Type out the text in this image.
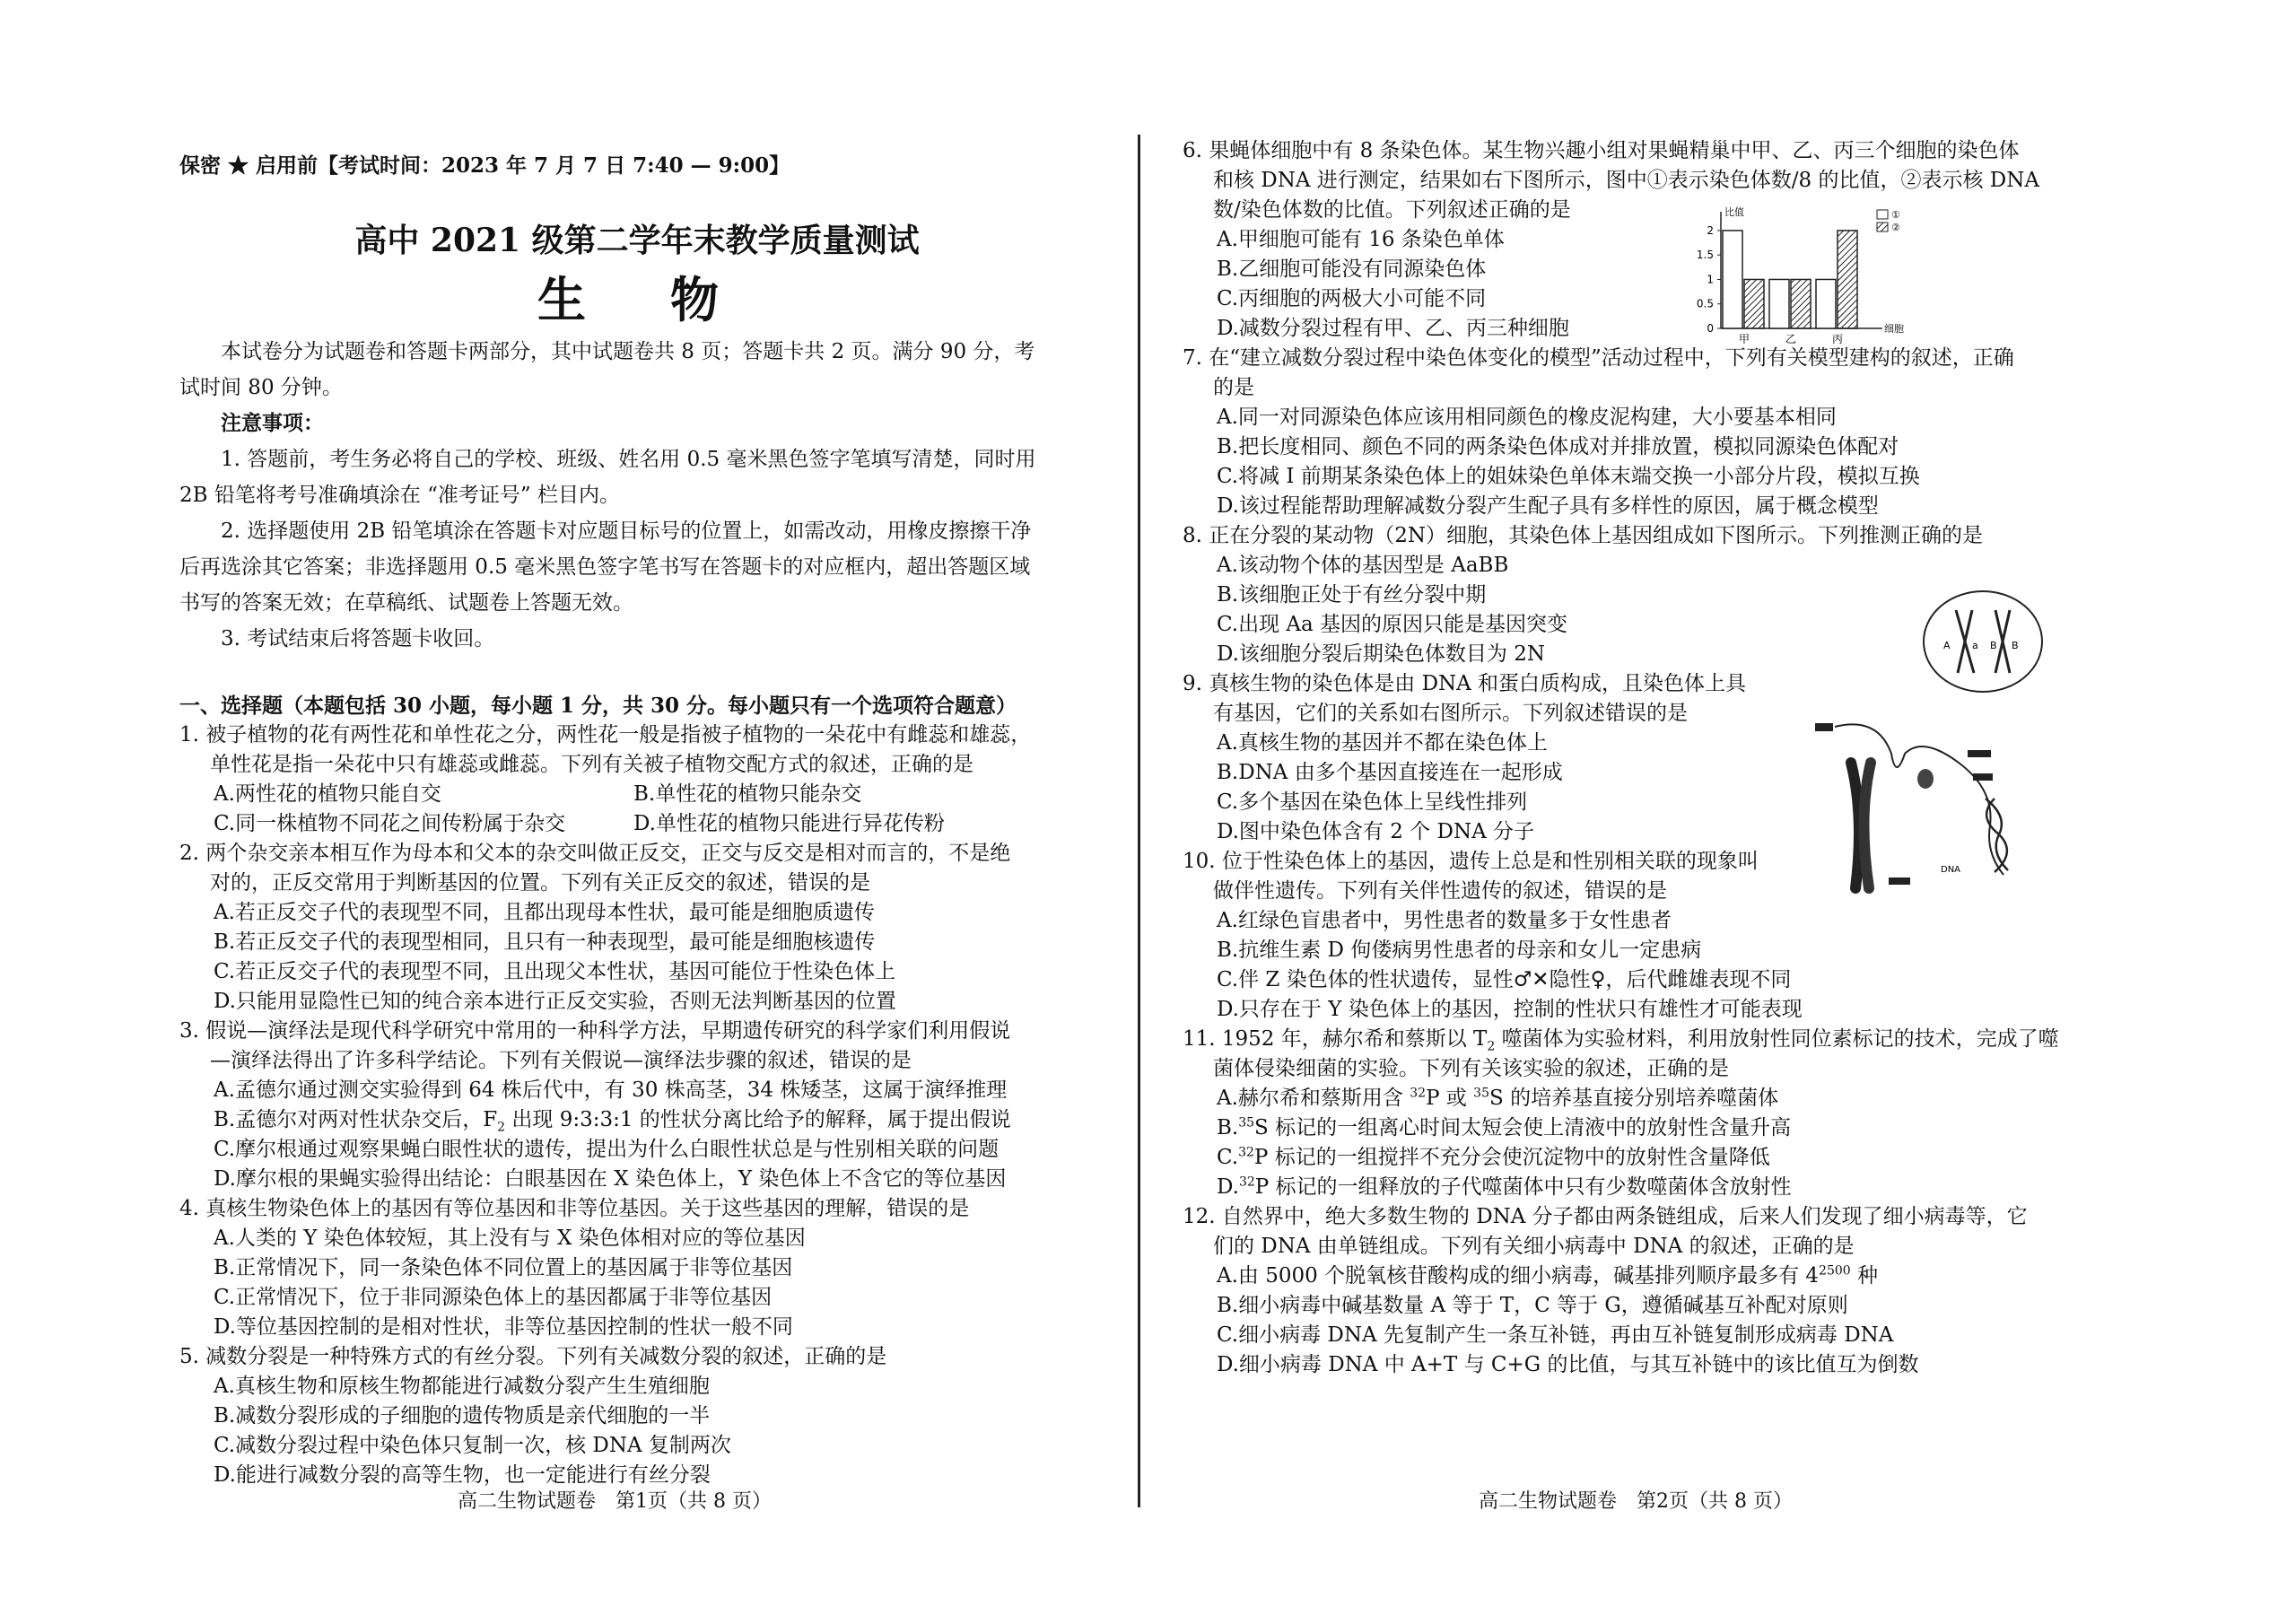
保密 ★ 启用前【考试时间：2023 年 7 月 7 日 7:40 — 9:00】
高中 2021 级第二学年末教学质量测试
生　物
本试卷分为试题卷和答题卡两部分，其中试题卷共 8 页；答题卡共 2 页。满分 90 分，考
试时间 80 分钟。
注意事项：
1. 答题前，考生务必将自己的学校、班级、姓名用 0.5 毫米黑色签字笔填写清楚，同时用
2B 铅笔将考号准确填涂在 “准考证号” 栏目内。
2. 选择题使用 2B 铅笔填涂在答题卡对应题目标号的位置上，如需改动，用橡皮擦擦干净
后再选涂其它答案；非选择题用 0.5 毫米黑色签字笔书写在答题卡的对应框内，超出答题区域
书写的答案无效；在草稿纸、试题卷上答题无效。
3. 考试结束后将答题卡收回。
一、选择题（本题包括 30 小题，每小题 1 分，共 30 分。每小题只有一个选项符合题意）
1. 被子植物的花有两性花和单性花之分，两性花一般是指被子植物的一朵花中有雌蕊和雄蕊，
单性花是指一朵花中只有雄蕊或雌蕊。下列有关被子植物交配方式的叙述，正确的是
A.两性花的植物只能自交	B.单性花的植物只能杂交
C.同一株植物不同花之间传粉属于杂交	D.单性花的植物只能进行异花传粉
2. 两个杂交亲本相互作为母本和父本的杂交叫做正反交，正交与反交是相对而言的，不是绝
对的，正反交常用于判断基因的位置。下列有关正反交的叙述，错误的是
A.若正反交子代的表现型不同，且都出现母本性状，最可能是细胞质遗传
B.若正反交子代的表现型相同，且只有一种表现型，最可能是细胞核遗传
C.若正反交子代的表现型不同，且出现父本性状，基因可能位于性染色体上
D.只能用显隐性已知的纯合亲本进行正反交实验，否则无法判断基因的位置
3. 假说—演绎法是现代科学研究中常用的一种科学方法，早期遗传研究的科学家们利用假说
—演绎法得出了许多科学结论。下列有关假说—演绎法步骤的叙述，错误的是
A.孟德尔通过测交实验得到 64 株后代中，有 30 株高茎，34 株矮茎，这属于演绎推理
B.孟德尔对两对性状杂交后，$F_2$ 出现 9:3:3:1 的性状分离比给予的解释，属于提出假说
C.摩尔根通过观察果蝇白眼性状的遗传，提出为什么白眼性状总是与性别相关联的问题
D.摩尔根的果蝇实验得出结论：白眼基因在 X 染色体上，Y 染色体上不含它的等位基因
4. 真核生物染色体上的基因有等位基因和非等位基因。关于这些基因的理解，错误的是
A.人类的 Y 染色体较短，其上没有与 X 染色体相对应的等位基因
B.正常情况下，同一条染色体不同位置上的基因属于非等位基因
C.正常情况下，位于非同源染色体上的基因都属于非等位基因
D.等位基因控制的是相对性状，非等位基因控制的性状一般不同
5. 减数分裂是一种特殊方式的有丝分裂。下列有关减数分裂的叙述，正确的是
A.真核生物和原核生物都能进行减数分裂产生生殖细胞
B.减数分裂形成的子细胞的遗传物质是亲代细胞的一半
C.减数分裂过程中染色体只复制一次，核 DNA 复制两次
D.能进行减数分裂的高等生物，也一定能进行有丝分裂
高二生物试题卷　第1页（共 8 页）
6. 果蝇体细胞中有 8 条染色体。某生物兴趣小组对果蝇精巢中甲、乙、丙三个细胞的染色体
和核 DNA 进行测定，结果如右下图所示，图中①表示染色体数/8 的比值，②表示核 DNA
数/染色体数的比值。下列叙述正确的是
A.甲细胞可能有 16 条染色单体
B.乙细胞可能没有同源染色体
C.丙细胞的两极大小可能不同
D.减数分裂过程有甲、乙、丙三种细胞
7. 在“建立减数分裂过程中染色体变化的模型”活动过程中，下列有关模型建构的叙述，正确
的是
A.同一对同源染色体应该用相同颜色的橡皮泥构建，大小要基本相同
B.把长度相同、颜色不同的两条染色体成对并排放置，模拟同源染色体配对
C.将减 I 前期某条染色体上的姐妹染色单体末端交换一小部分片段，模拟互换
D.该过程能帮助理解减数分裂产生配子具有多样性的原因，属于概念模型
8. 正在分裂的某动物（2N）细胞，其染色体上基因组成如下图所示。下列推测正确的是
A.该动物个体的基因型是 AaBB
B.该细胞正处于有丝分裂中期
C.出现 Aa 基因的原因只能是基因突变
D.该细胞分裂后期染色体数目为 2N
9. 真核生物的染色体是由 DNA 和蛋白质构成，且染色体上具
有基因，它们的关系如右图所示。下列叙述错误的是
A.真核生物的基因并不都在染色体上
B.DNA 由多个基因直接连在一起形成
C.多个基因在染色体上呈线性排列
D.图中染色体含有 2 个 DNA 分子
10. 位于性染色体上的基因，遗传上总是和性别相关联的现象叫
做伴性遗传。下列有关伴性遗传的叙述，错误的是
A.红绿色盲患者中，男性患者的数量多于女性患者
B.抗维生素 D 佝偻病男性患者的母亲和女儿一定患病
C.伴 Z 染色体的性状遗传，显性♂✕隐性♀，后代雌雄表现不同
D.只存在于 Y 染色体上的基因，控制的性状只有雄性才可能表现
11. 1952 年，赫尔希和蔡斯以 $T_2$ 噬菌体为实验材料，利用放射性同位素标记的技术，完成了噬
菌体侵染细菌的实验。下列有关该实验的叙述，正确的是
A.赫尔希和蔡斯用含 $^{32}$P 或 $^{35}$S 的培养基直接分别培养噬菌体
B.$^{35}$S 标记的一组离心时间太短会使上清液中的放射性含量升高
C.$^{32}$P 标记的一组搅拌不充分会使沉淀物中的放射性含量降低
D.$^{32}$P 标记的一组释放的子代噬菌体中只有少数噬菌体含放射性
12. 自然界中，绝大多数生物的 DNA 分子都由两条链组成，后来人们发现了细小病毒等，它
们的 DNA 由单链组成。下列有关细小病毒中 DNA 的叙述，正确的是
A.由 5000 个脱氧核苷酸构成的细小病毒，碱基排列顺序最多有 $4^{2500}$ 种
B.细小病毒中碱基数量 A 等于 T，C 等于 G，遵循碱基互补配对原则
C.细小病毒 DNA 先复制产生一条互补链，再由互补链复制形成病毒 DNA
D.细小病毒 DNA 中 A+T 与 C+G 的比值，与其互补链中的该比值互为倒数
比值
细胞
2
1.5
1
0.5
0
甲	乙	丙
①
②
A a B B
DNA
高二生物试题卷　第2页（共 8 页）
